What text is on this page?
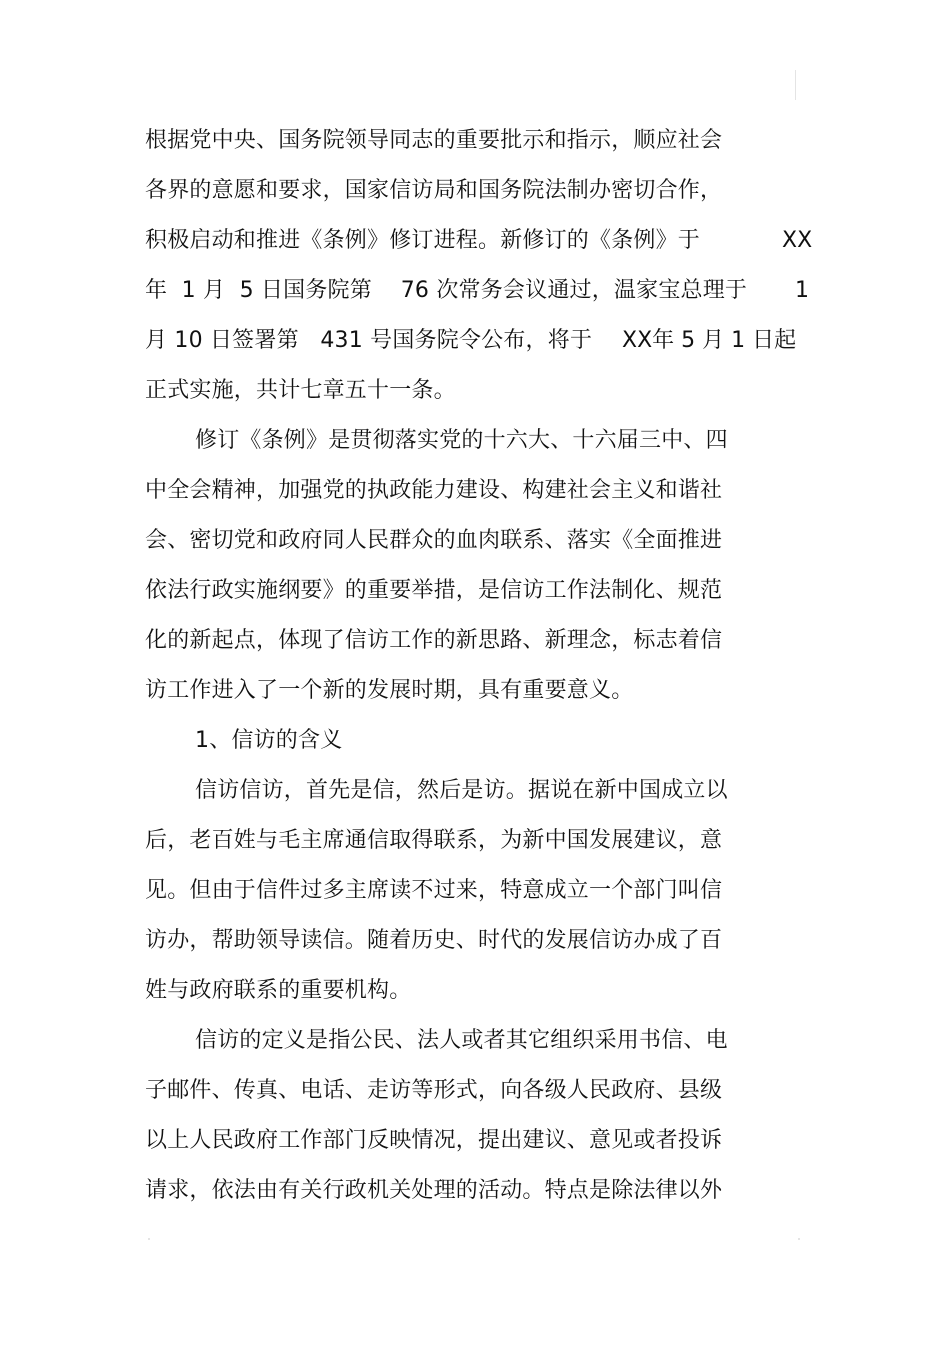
根据党中央、国务院领导同志的重要批示和指示，顺应社会
各界的意愿和要求，国家信访局和国务院法制办密切合作，
积极启动和推进《条例》修订进程。新修订的《条例》于	XX
年  1 月  5 日国务院第    76 次常务会议通过，温家宝总理于 1
月 10 日签署第   431 号国务院令公布，将于 XX年 5 月 1 日起
正式实施，共计七章五十一条。
修订《条例》是贯彻落实党的十六大、十六届三中、四
中全会精神，加强党的执政能力建设、构建社会主义和谐社
会、密切党和政府同人民群众的血肉联系、落实《全面推进
依法行政实施纲要》的重要举措，是信访工作法制化、规范
化的新起点，体现了信访工作的新思路、新理念，标志着信
访工作进入了一个新的发展时期，具有重要意义。
1、信访的含义
信访信访，首先是信，然后是访。据说在新中国成立以
后，老百姓与毛主席通信取得联系，为新中国发展建议，意
见。但由于信件过多主席读不过来，特意成立一个部门叫信
访办，帮助领导读信。随着历史、时代的发展信访办成了百
姓与政府联系的重要机构。
信访的定义是指公民、法人或者其它组织采用书信、电
子邮件、传真、电话、走访等形式，向各级人民政府、县级
以上人民政府工作部门反映情况，提出建议、意见或者投诉
请求，依法由有关行政机关处理的活动。特点是除法律以外
